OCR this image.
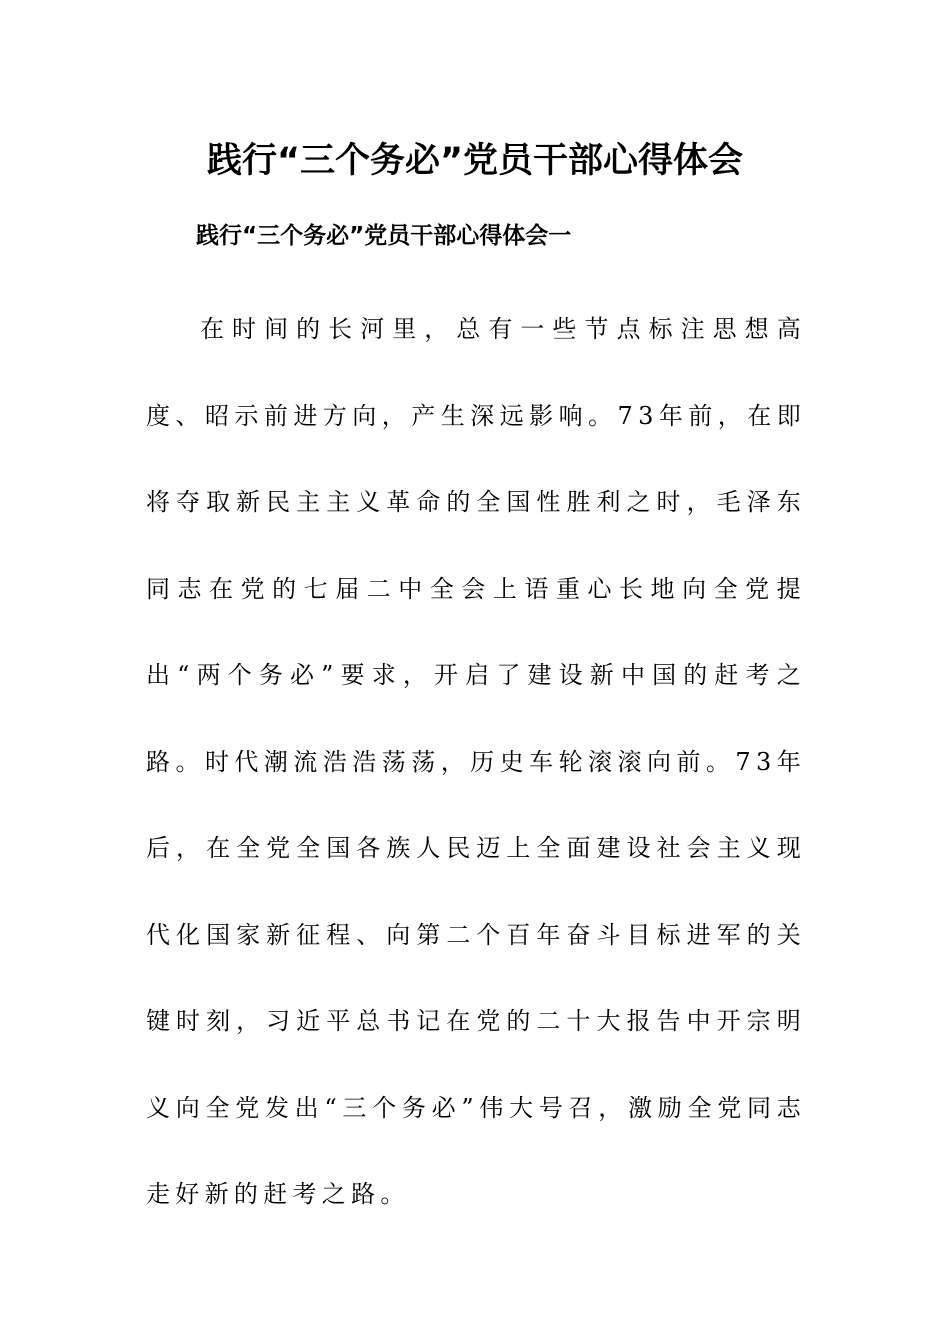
践行“三个务必”党员干部心得体会
践行“三个务必”党员干部心得体会一

在时间的长河里，总有一些节点标注思想高度、昭示前进方向，产生深远影响。73年前，在即将夺取新民主主义革命的全国性胜利之时，毛泽东同志在党的七届二中全会上语重心长地向全党提出“两个务必”要求，开启了建设新中国的赶考之路。时代潮流浩浩荡荡，历史车轮滚滚向前。73年后，在全党全国各族人民迈上全面建设社会主义现代化国家新征程、向第二个百年奋斗目标进军的关键时刻，习近平总书记在党的二十大报告中开宗明义向全党发出“三个务必”伟大号召，激励全党同志走好新的赶考之路。
